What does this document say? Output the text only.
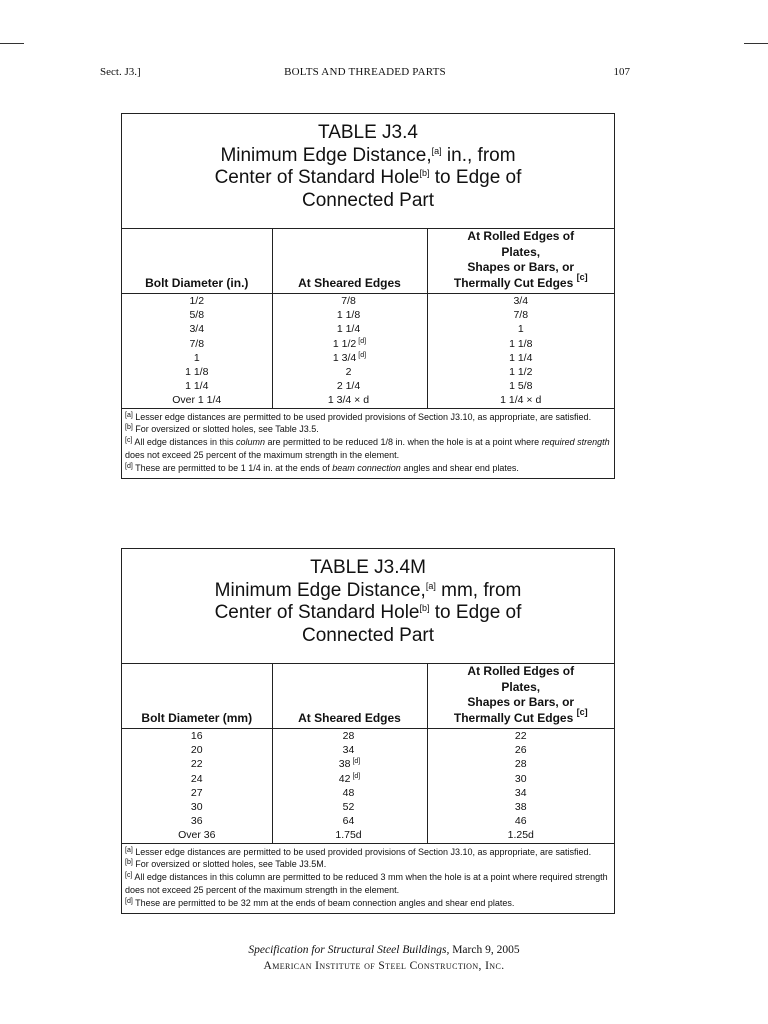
Sect. J3.]	BOLTS AND THREADED PARTS	107
TABLE J3.4
Minimum Edge Distance,[a] in., from
Center of Standard Hole[b] to Edge of
Connected Part
Bolt Diameter (in.)	At Sheared Edges	At Rolled Edges of
Plates,
Shapes or Bars, or
Thermally Cut Edges [c]
1/2	7/8	3/4
5/8	1 1/8	7/8
3/4	1 1/4	1
7/8	1 1/2 [d]	1 1/8
1	1 3/4 [d]	1 1/4
1 1/8	2	1 1/2
1 1/4	2 1/4	1 5/8
Over 1 1/4	1 3/4 × d	1 1/4 × d
[a] Lesser edge distances are permitted to be used provided provisions of Section J3.10, as appropriate, are satisfied.
[b] For oversized or slotted holes, see Table J3.5.
[c] All edge distances in this column are permitted to be reduced 1/8 in. when the hole is at a point where required strength does not exceed 25 percent of the maximum strength in the element.
[d] These are permitted to be 1 1/4 in. at the ends of beam connection angles and shear end plates.
TABLE J3.4M
Minimum Edge Distance,[a] mm, from
Center of Standard Hole[b] to Edge of
Connected Part
Bolt Diameter (mm)	At Sheared Edges	At Rolled Edges of
Plates,
Shapes or Bars, or
Thermally Cut Edges [c]
16	28	22
20	34	26
22	38 [d]	28
24	42 [d]	30
27	48	34
30	52	38
36	64	46
Over 36	1.75d	1.25d
[a] Lesser edge distances are permitted to be used provided provisions of Section J3.10, as appropriate, are satisfied.
[b] For oversized or slotted holes, see Table J3.5M.
[c] All edge distances in this column are permitted to be reduced 3 mm when the hole is at a point where required strength does not exceed 25 percent of the maximum strength in the element.
[d] These are permitted to be 32 mm at the ends of beam connection angles and shear end plates.
Specification for Structural Steel Buildings, March 9, 2005
American Institute of Steel Construction, Inc.
